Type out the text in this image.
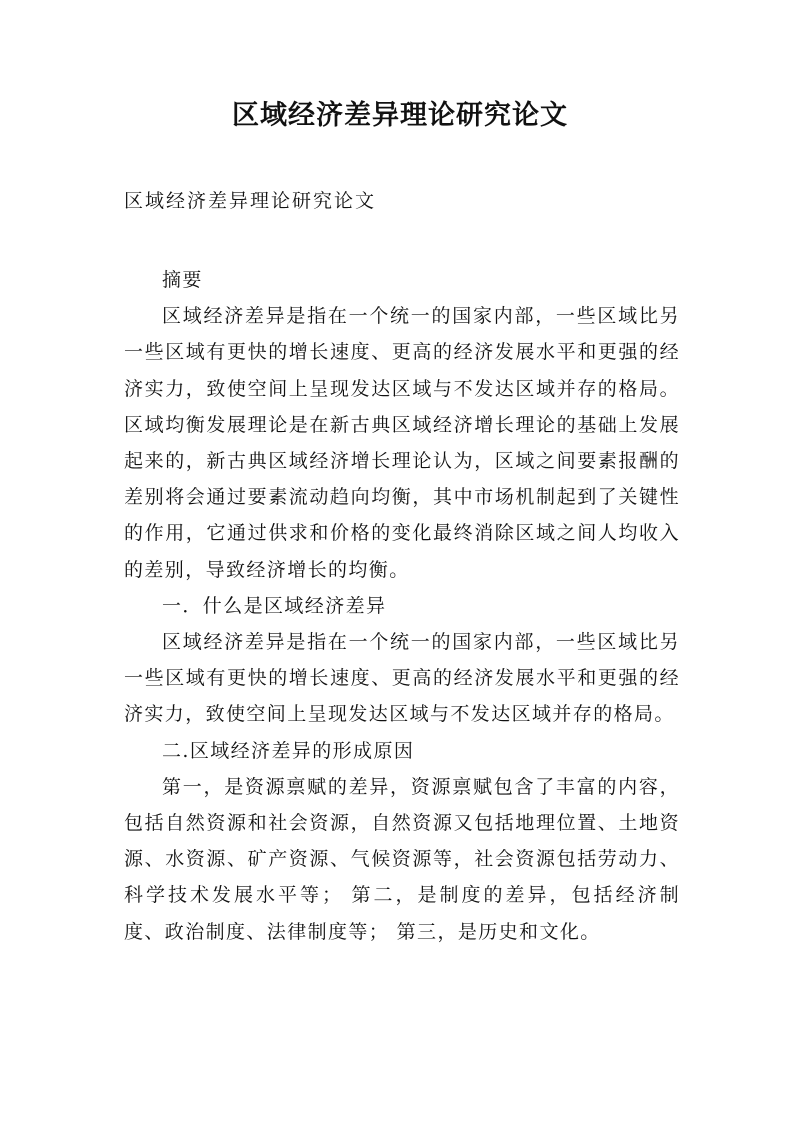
区域经济差异理论研究论文

区域经济差异理论研究论文

摘要

区域经济差异是指在一个统一的国家内部，一些区域比另一些区域有更快的增长速度、更高的经济发展水平和更强的经济实力，致使空间上呈现发达区域与不发达区域并存的格局。 区域均衡发展理论是在新古典区域经济增长理论的基础上发展起来的，新古典区域经济增长理论认为，区域之间要素报酬的差别将会通过要素流动趋向均衡，其中市场机制起到了关键性的作用，它通过供求和价格的变化最终消除区域之间人均收入的差别，导致经济增长的均衡。

一．什么是区域经济差异

区域经济差异是指在一个统一的国家内部，一些区域比另一些区域有更快的增长速度、更高的经济发展水平和更强的经济实力，致使空间上呈现发达区域与不发达区域并存的格局。

二.区域经济差异的形成原因

第一，是资源禀赋的差异，资源禀赋包含了丰富的内容，包括自然资源和社会资源，自然资源又包括地理位置、土地资源、水资源、矿产资源、气候资源等，社会资源包括劳动力、科学技术发展水平等； 第二，是制度的差异，包括经济制度、政治制度、法律制度等； 第三，是历史和文化。
